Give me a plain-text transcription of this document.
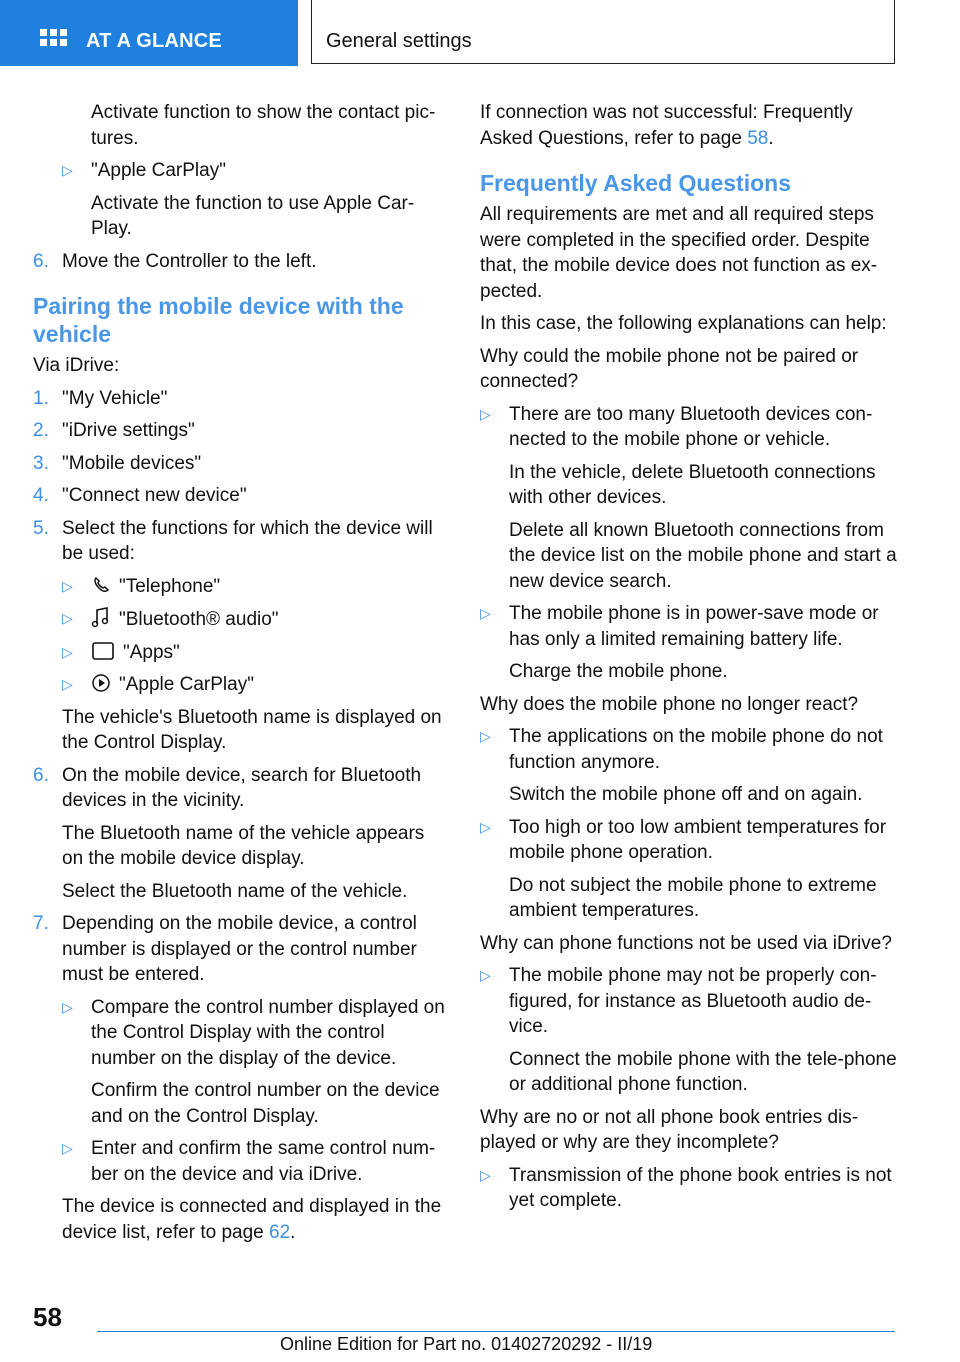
AT A GLANCE	General settings

Activate function to show the contact pic-tures.

▷ "Apple CarPlay"

Activate the function to use Apple Car-Play.

6. Move the Controller to the left.
Pairing the mobile device with the vehicle

Via iDrive:

1. "My Vehicle"
2. "iDrive settings"
3. "Mobile devices"
4. "Connect new device"
5. Select the functions for which the device will be used:
▷ "Telephone"
▷ "Bluetooth® audio"
▷	"Apps"
▷ "Apple CarPlay"

The vehicle's Bluetooth name is displayed on the Control Display.

6. On the mobile device, search for Bluetooth devices in the vicinity.

The Bluetooth name of the vehicle appears on the mobile device display.

Select the Bluetooth name of the vehicle.

7. Depending on the mobile device, a control number is displayed or the control number must be entered.
▷ Compare the control number displayed on the Control Display with the control number on the display of the device.

Confirm the control number on the device and on the Control Display.

▷ Enter and confirm the same control num-ber on the device and via iDrive.

The device is connected and displayed in the device list, refer to page 62.

If connection was not successful: Frequently Asked Questions, refer to page 58.

Frequently Asked Questions

All requirements are met and all required steps were completed in the specified order. Despite that, the mobile device does not function as ex-pected.

In this case, the following explanations can help:

Why could the mobile phone not be paired or connected?

▷ There are too many Bluetooth devices con-nected to the mobile phone or vehicle.

In the vehicle, delete Bluetooth connections with other devices.

Delete all known Bluetooth connections from the device list on the mobile phone and start a new device search.

▷ The mobile phone is in power-save mode or has only a limited remaining battery life.

Charge the mobile phone.

Why does the mobile phone no longer react?

▷ The applications on the mobile phone do not function anymore.

Switch the mobile phone off and on again.

▷ Too high or too low ambient temperatures for mobile phone operation.

Do not subject the mobile phone to extreme ambient temperatures.

Why can phone functions not be used via iDrive?

▷ The mobile phone may not be properly con-figured, for instance as Bluetooth audio de-vice.

Connect the mobile phone with the tele-phone or additional phone function.

Why are no or not all phone book entries dis-played or why are they incomplete?

▷ Transmission of the phone book entries is not yet complete.
58
Online Edition for Part no. 01402720292 - II/19
